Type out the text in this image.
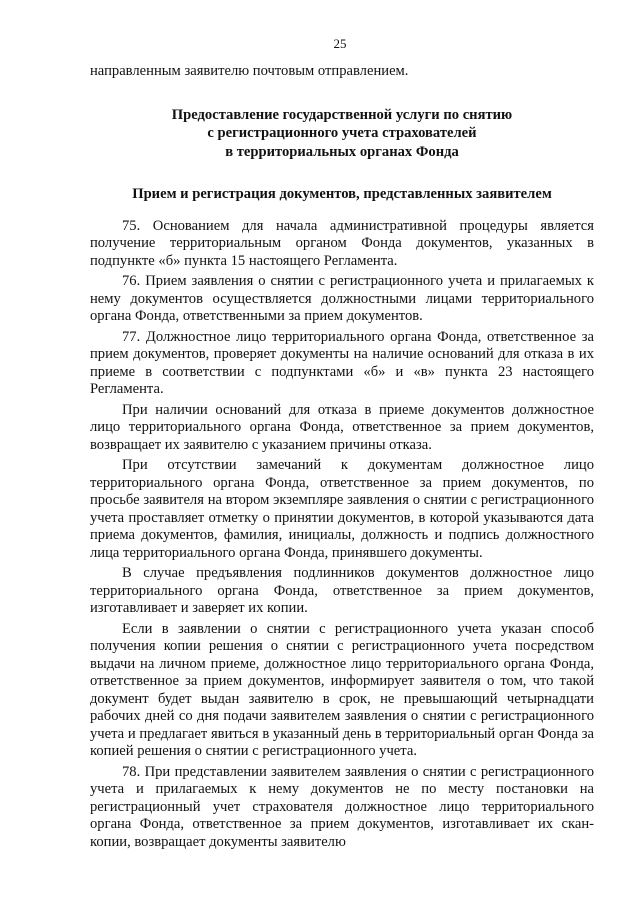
25

направленным заявителю почтовым отправлением.

Предоставление государственной услуги по снятию
с регистрационного учета страхователей
в территориальных органах Фонда
Прием и регистрация документов, представленных заявителем

75. Основанием для начала административной процедуры является получение территориальным органом Фонда документов, указанных в подпункте «б» пункта 15 настоящего Регламента.

76. Прием заявления о снятии с регистрационного учета и прилагаемых к нему документов осуществляется должностными лицами территориального органа Фонда, ответственными за прием документов.

77. Должностное лицо территориального органа Фонда, ответственное за прием документов, проверяет документы на наличие оснований для отказа в их приеме в соответствии с подпунктами «б» и «в» пункта 23 настоящего Регламента.

При наличии оснований для отказа в приеме документов должностное лицо территориального органа Фонда, ответственное за прием документов, возвращает их заявителю с указанием причины отказа.

При отсутствии замечаний к документам должностное лицо территориального органа Фонда, ответственное за прием документов, по просьбе заявителя на втором экземпляре заявления о снятии с регистрационного учета проставляет отметку о принятии документов, в которой указываются дата приема документов, фамилия, инициалы, должность и подпись должностного лица территориального органа Фонда, принявшего документы.

В случае предъявления подлинников документов должностное лицо территориального органа Фонда, ответственное за прием документов, изготавливает и заверяет их копии.

Если в заявлении о снятии с регистрационного учета указан способ получения копии решения о снятии с регистрационного учета посредством выдачи на личном приеме, должностное лицо территориального органа Фонда, ответственное за прием документов, информирует заявителя о том, что такой документ будет выдан заявителю в срок, не превышающий четырнадцати рабочих дней со дня подачи заявителем заявления о снятии с регистрационного учета и предлагает явиться в указанный день в территориальный орган Фонда за копией решения о снятии с регистрационного учета.

78. При представлении заявителем заявления о снятии с регистрационного учета и прилагаемых к нему документов не по месту постановки на регистрационный учет страхователя должностное лицо территориального органа Фонда, ответственное за прием документов, изготавливает их скан-копии, возвращает документы заявителю
